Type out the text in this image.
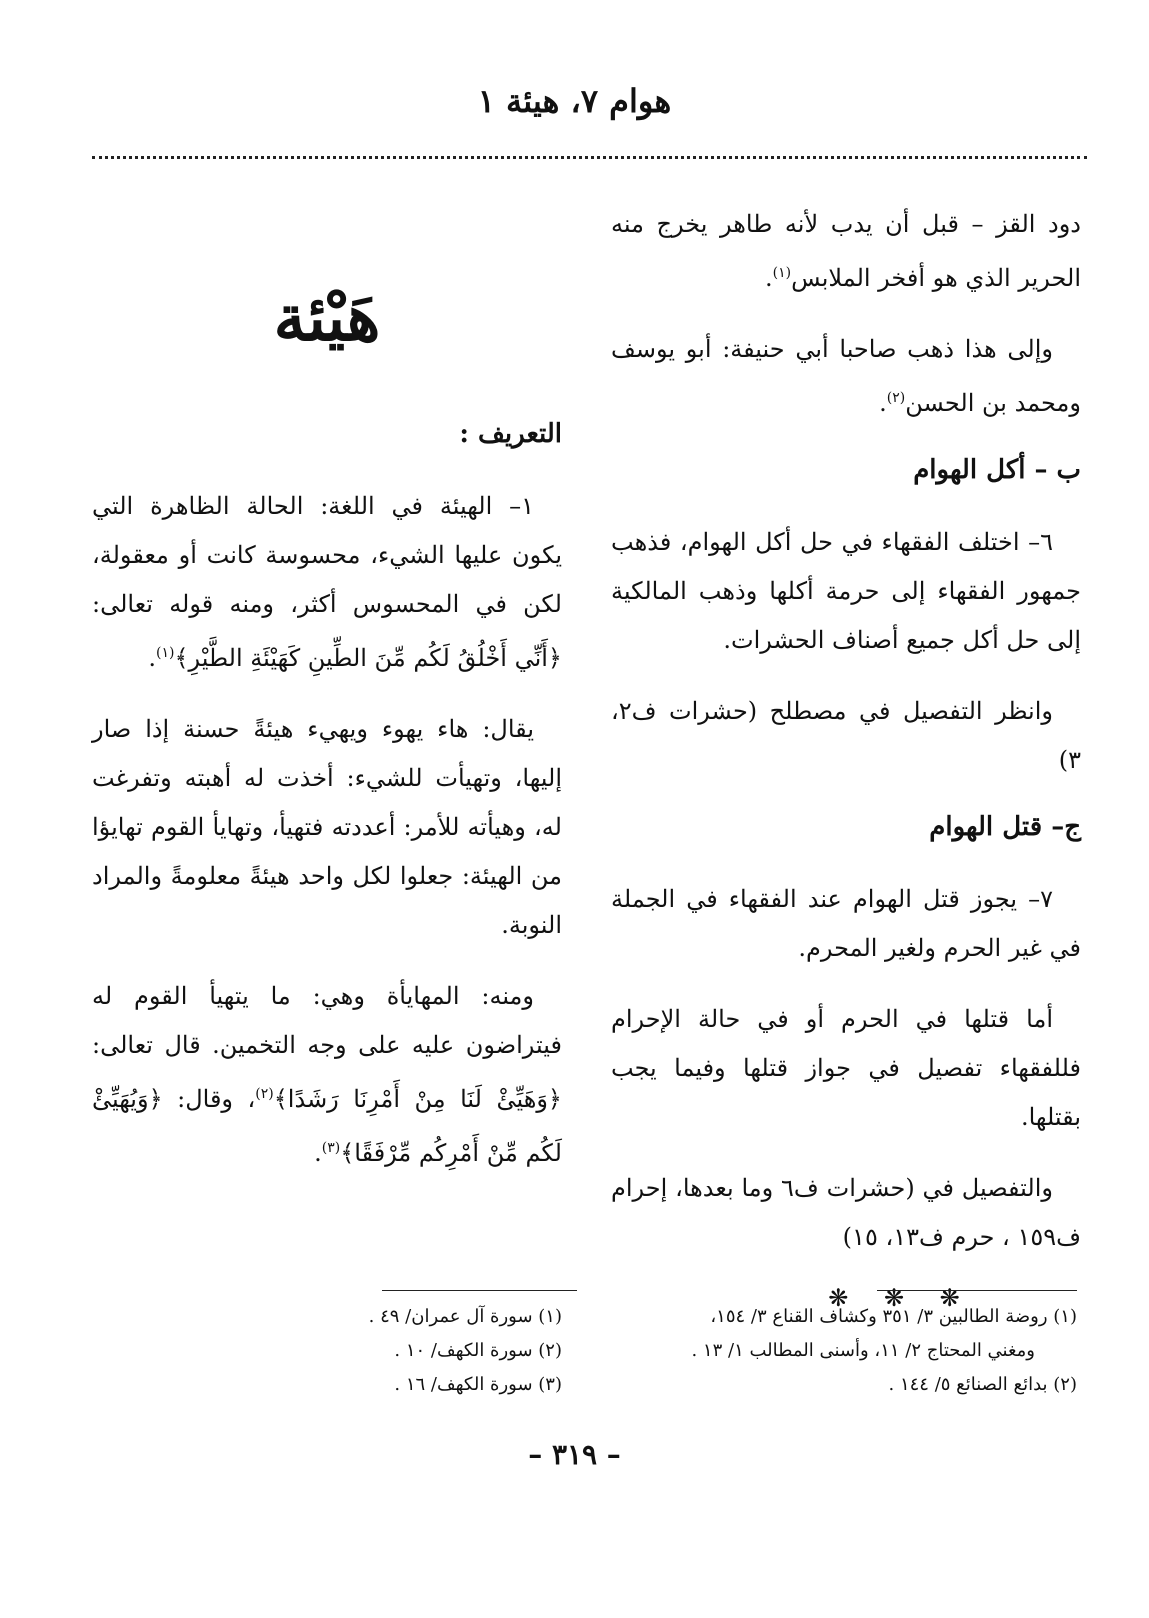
هوام ٧، هيئة ١

دود القز – قبل أن يدب لأنه طاهر يخرج منه الحرير الذي هو أفخر الملابس$^{(١)}$.

وإلى هذا ذهب صاحبا أبي حنيفة: أبو يوسف ومحمد بن الحسن$^{(٢)}$.

ب – أكل الهوام

٦– اختلف الفقهاء في حل أكل الهوام، فذهب جمهور الفقهاء إلى حرمة أكلها وذهب المالكية إلى حل أكل جميع أصناف الحشرات.

وانظر التفصيل في مصطلح (حشرات ف٢، ٣)

ج– قتل الهوام

٧– يجوز قتل الهوام عند الفقهاء في الجملة في غير الحرم ولغير المحرم.

أما قتلها في الحرم أو في حالة الإحرام فللفقهاء تفصيل في جواز قتلها وفيما يجب بقتلها.

والتفصيل في (حشرات ف٦ وما بعدها، إحرام ف١٥٩ ، حرم ف١٣، ١٥)

❋ ❋ ❋
هَيْئة
التعريف :

١– الهيئة في اللغة: الحالة الظاهرة التي يكون عليها الشيء، محسوسة كانت أو معقولة، لكن في المحسوس أكثر، ومنه قوله تعالى: ﴿أَنِّي أَخْلُقُ لَكُم مِّنَ الطِّينِ كَهَيْئَةِ الطَّيْرِ﴾$^{(١)}$.

يقال: هاء يهوء ويهيء هيئةً حسنة إذا صار إليها، وتهيأت للشيء: أخذت له أهبته وتفرغت له، وهيأته للأمر: أعددته فتهيأ، وتهايأ القوم تهايؤا من الهيئة: جعلوا لكل واحد هيئةً معلومةً والمراد النوبة.

ومنه: المهايأة وهي: ما يتهيأ القوم له فيتراضون عليه على وجه التخمين. قال تعالى: ﴿وَهَيِّئْ لَنَا مِنْ أَمْرِنَا رَشَدًا﴾$^{(٢)}$، وقال: ﴿وَيُهَيِّئْ لَكُم مِّنْ أَمْرِكُم مِّرْفَقًا﴾$^{(٣)}$.

(١) روضة الطالبين ٣/ ٣٥١ وكشاف القناع ٣/ ١٥٤،
ومغني المحتاج ٢/ ١١، وأسنى المطالب ١/ ١٣ .
(٢) بدائع الصنائع ٥/ ١٤٤ .
(١) سورة آل عمران/ ٤٩ .
(٢) سورة الكهف/ ١٠ .
(٣) سورة الكهف/ ١٦ .
– ٣١٩ –
